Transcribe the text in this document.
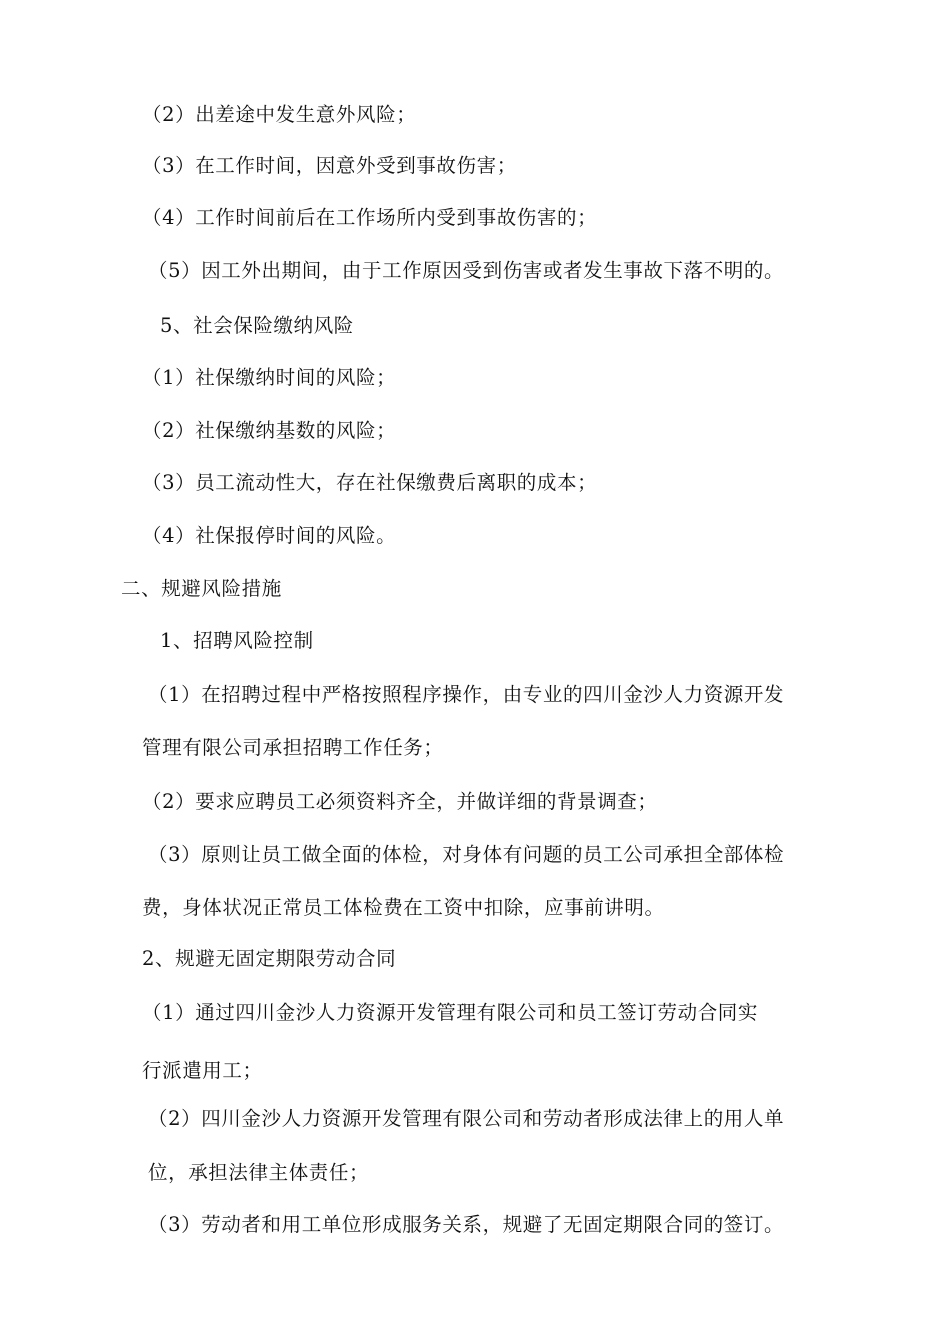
（2）出差途中发生意外风险；
（3）在工作时间，因意外受到事故伤害；
（4）工作时间前后在工作场所内受到事故伤害的；
（5）因工外出期间，由于工作原因受到伤害或者发生事故下落不明的。
5、社会保险缴纳风险
（1）社保缴纳时间的风险；
（2）社保缴纳基数的风险；
（3）员工流动性大，存在社保缴费后离职的成本；
（4）社保报停时间的风险。
二、规避风险措施
1、招聘风险控制
（1）在招聘过程中严格按照程序操作，由专业的四川金沙人力资源开发
管理有限公司承担招聘工作任务；
（2）要求应聘员工必须资料齐全，并做详细的背景调查；
（3）原则让员工做全面的体检，对身体有问题的员工公司承担全部体检
费，身体状况正常员工体检费在工资中扣除，应事前讲明。
2、规避无固定期限劳动合同
（1）通过四川金沙人力资源开发管理有限公司和员工签订劳动合同实
行派遣用工；
（2）四川金沙人力资源开发管理有限公司和劳动者形成法律上的用人单
位，承担法律主体责任；
（3）劳动者和用工单位形成服务关系，规避了无固定期限合同的签订。
